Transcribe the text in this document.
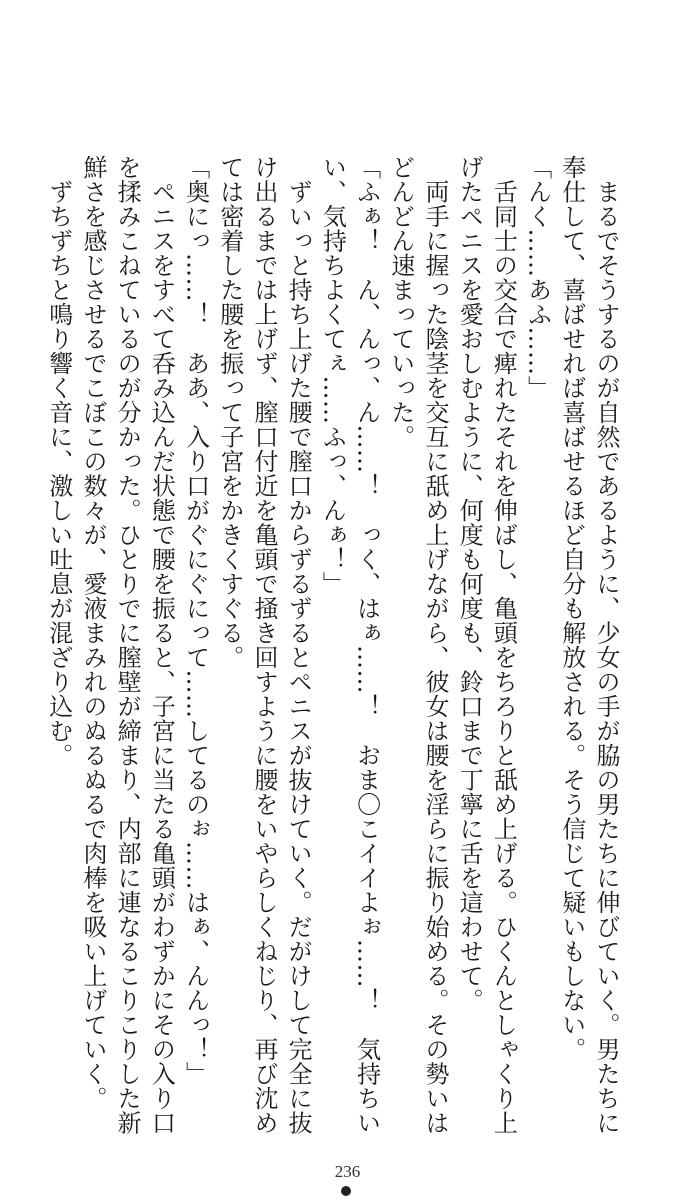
　まるでそうするのが自然であるように、少女の手が脇の男たちに伸びていく。男たちに
奉仕して、喜ばせれば喜ばせるほど自分も解放される。そう信じて疑いもしない。
「んく……あふ……」
　舌同士の交合で痺れたそれを伸ばし、亀頭をちろりと舐め上げる。ひくんとしゃくり上
げたペニスを愛おしむように、何度も何度も、鈴口まで丁寧に舌を這わせて。
　両手に握った陰茎を交互に舐め上げながら、彼女は腰を淫らに振り始める。その勢いは
どんどん速まっていった。
「ふぁ！　ん、んっ、ん……！　っく、はぁ……！　おま〇こイイよぉ……！　気持ちい
い、気持ちよくてぇ……ふっ、んぁ！」
　ずいっと持ち上げた腰で膣口からずるずるとペニスが抜けていく。だがけして完全に抜
け出るまでは上げず、膣口付近を亀頭で掻き回すように腰をいやらしくねじり、再び沈め
ては密着した腰を振って子宮をかきくすぐる。
「奥にっ……！　ああ、入り口がぐにぐにって……してるのぉ……はぁ、んんっ！」
　ペニスをすべて呑み込んだ状態で腰を振ると、子宮に当たる亀頭がわずかにその入り口
を揉みこねているのが分かった。ひとりでに膣壁が締まり、内部に連なるこりこりした新
鮮さを感じさせるでこぼこの数々が、愛液まみれのぬるぬるで肉棒を吸い上げていく。
　ずちずちと鳴り響く音に、激しい吐息が混ざり込む。
236
